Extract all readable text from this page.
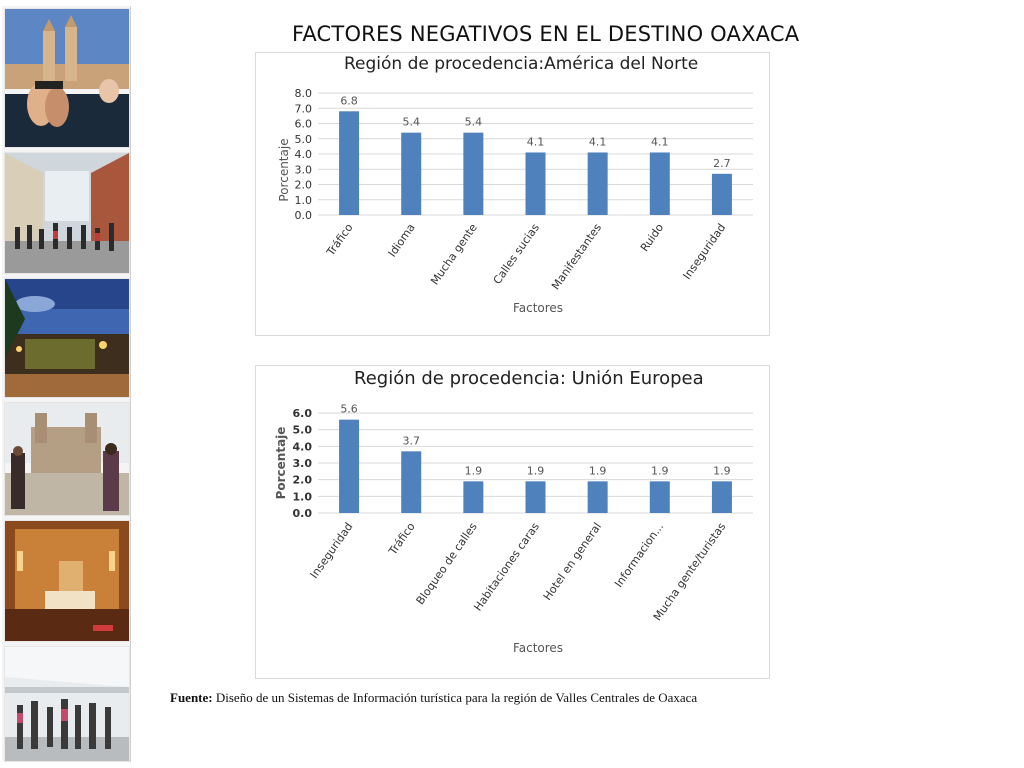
FACTORES NEGATIVOS EN EL DESTINO OAXACA
Región de procedencia:América del Norte
Porcentaje
Factores
0.0
1.0
2.0
3.0
4.0
5.0
6.0
7.0
8.0
6.8
Tráfico
5.4
Idioma
5.4
Mucha gente
4.1
Calles sucias
4.1
Manifestantes
4.1
Ruido
2.7
Inseguridad
Región de procedencia: Unión Europea
Porcentaje
Factores
0.0
1.0
2.0
3.0
4.0
5.0
6.0	5.6
Inseguridad
3.7
Tráfico
1.9
Bloqueo de calles
1.9
Habitaciones caras
1.9
Hotel en general
1.9
Informacion...
1.9
Mucha gente/turistas
Fuente: Diseño de un Sistemas de Información turística para la región de Valles Centrales de Oaxaca
